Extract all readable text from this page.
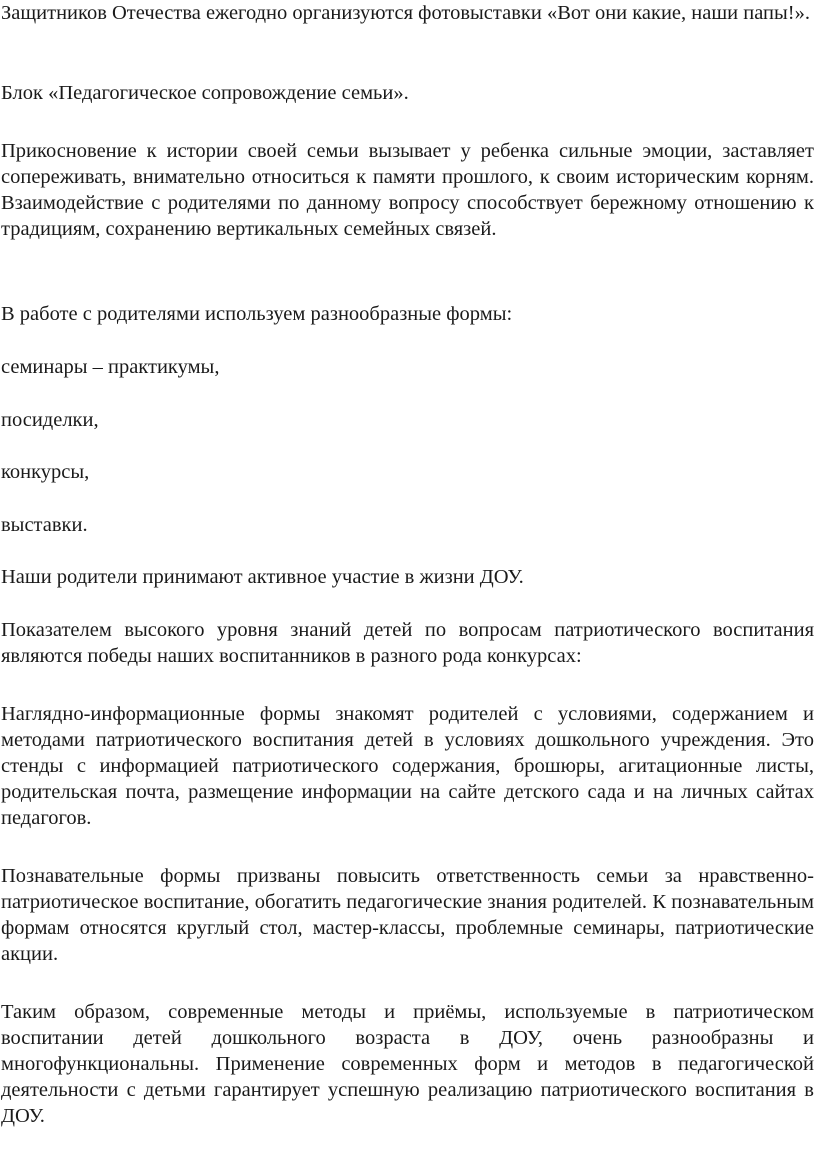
Защитников Отечества ежегодно организуются фотовыставки «Вот они какие, наши папы!».

Блок «Педагогическое сопровождение семьи».

Прикосновение к истории своей семьи вызывает у ребенка сильные эмоции, заставляет сопереживать, внимательно относиться к памяти прошлого, к своим историческим корням. Взаимодействие с родителями по данному вопросу способствует бережному отношению к традициям, сохранению вертикальных семейных связей.

В работе с родителями используем разнообразные формы:

семинары – практикумы,

посиделки,

конкурсы,

выставки.

Наши родители принимают активное участие в жизни ДОУ.

Показателем высокого уровня знаний детей по вопросам патриотического воспитания являются победы наших воспитанников в разного рода конкурсах:

Наглядно-информационные формы знакомят родителей с условиями, содержанием и методами патриотического воспитания детей в условиях дошкольного учреждения. Это стенды с информацией патриотического содержания, брошюры, агитационные листы, родительская почта, размещение информации на сайте детского сада и на личных сайтах педагогов.

Познавательные формы призваны повысить ответственность семьи за нравственно-патриотическое воспитание, обогатить педагогические знания родителей. К познавательным формам относятся круглый стол, мастер-классы, проблемные семинары, патриотические акции.

Таким образом, современные методы и приёмы, используемые в патриотическом воспитании детей дошкольного возраста в ДОУ, очень разнообразны и многофункциональны. Применение современных форм и методов в педагогической деятельности с детьми гарантирует успешную реализацию патриотического воспитания в ДОУ.
